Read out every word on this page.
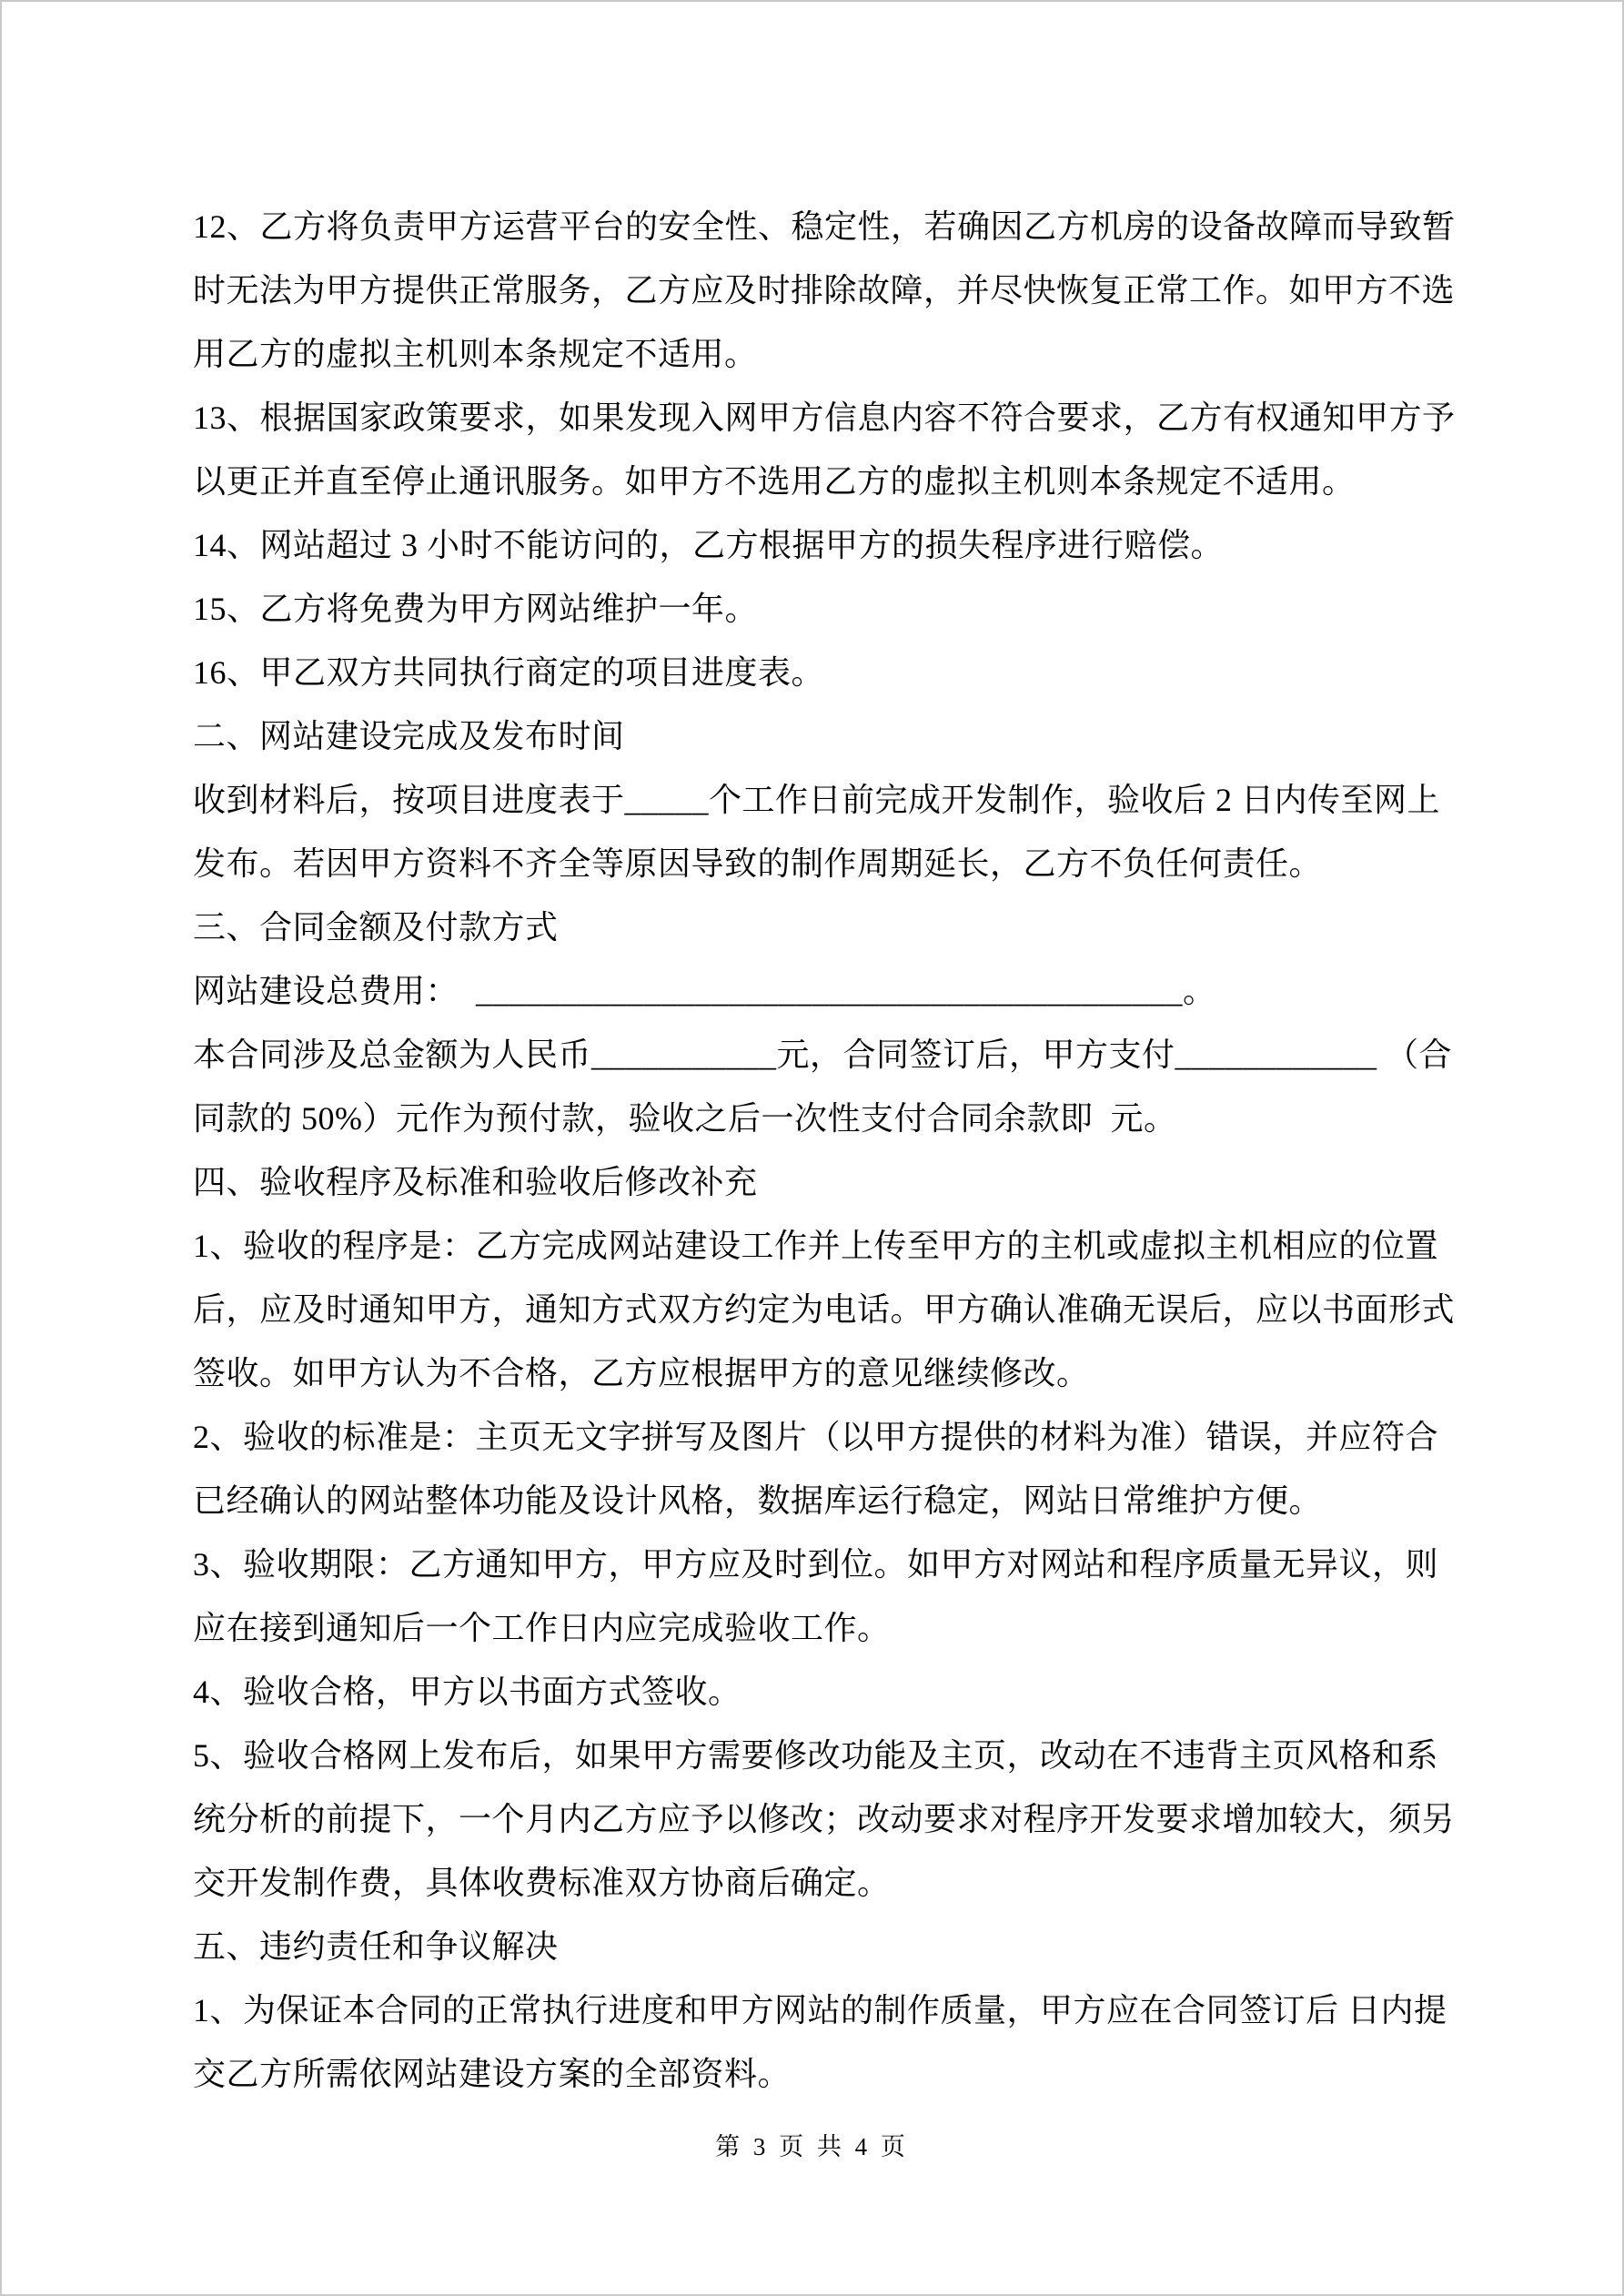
12、乙方将负责甲方运营平台的安全性、稳定性，若确因乙方机房的设备故障而导致暂
时无法为甲方提供正常服务，乙方应及时排除故障，并尽快恢复正常工作。如甲方不选
用乙方的虚拟主机则本条规定不适用。
13、根据国家政策要求，如果发现入网甲方信息内容不符合要求，乙方有权通知甲方予
以更正并直至停止通讯服务。如甲方不选用乙方的虚拟主机则本条规定不适用。
14、网站超过 3 小时不能访问的，乙方根据甲方的损失程序进行赔偿。
15、乙方将免费为甲方网站维护一年。
16、甲乙双方共同执行商定的项目进度表。
二、网站建设完成及发布时间
收到材料后，按项目进度表于_____个工作日前完成开发制作，验收后 2 日内传至网上
发布。若因甲方资料不齐全等原因导致的制作周期延长，乙方不负任何责任。
三、合同金额及付款方式
网站建设总费用：  __________________________________________。
本合同涉及总金额为人民币___________元，合同签订后，甲方支付____________ （合
同款的 50%）元作为预付款，验收之后一次性支付合同余款即  元。
四、验收程序及标准和验收后修改补充
1、验收的程序是：乙方完成网站建设工作并上传至甲方的主机或虚拟主机相应的位置
后，应及时通知甲方，通知方式双方约定为电话。甲方确认准确无误后，应以书面形式
签收。如甲方认为不合格，乙方应根据甲方的意见继续修改。
2、验收的标准是：主页无文字拼写及图片（以甲方提供的材料为准）错误，并应符合
已经确认的网站整体功能及设计风格，数据库运行稳定，网站日常维护方便。
3、验收期限：乙方通知甲方，甲方应及时到位。如甲方对网站和程序质量无异议，则
应在接到通知后一个工作日内应完成验收工作。
4、验收合格，甲方以书面方式签收。
5、验收合格网上发布后，如果甲方需要修改功能及主页，改动在不违背主页风格和系
统分析的前提下，一个月内乙方应予以修改；改动要求对程序开发要求增加较大，须另
交开发制作费，具体收费标准双方协商后确定。
五、违约责任和争议解决
1、为保证本合同的正常执行进度和甲方网站的制作质量，甲方应在合同签订后 日内提
交乙方所需依网站建设方案的全部资料。
第 3 页 共 4 页
